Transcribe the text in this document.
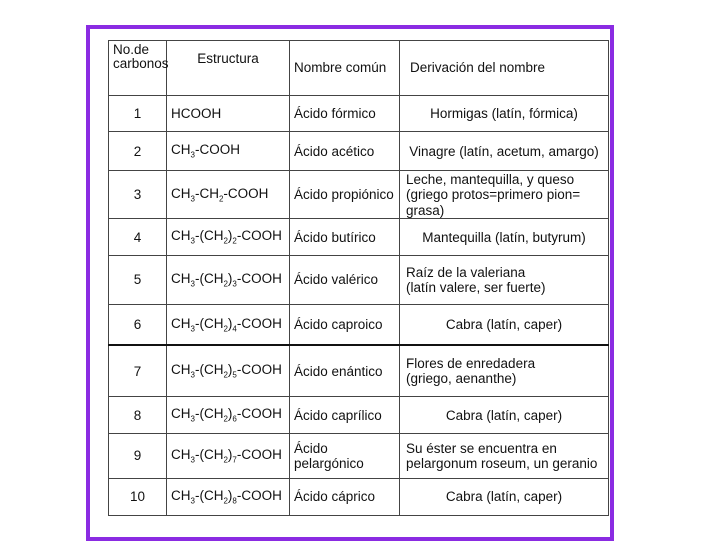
No.de carbonos	Estructura	Nombre común	Derivación del nombre
1	HCOOH	Ácido fórmico	Hormigas (latín, fórmica)

2	$CH_3$-COOH	Ácido acético	Vinagre (latín, acetum, amargo)

3	$CH_3-CH_2$-COOH	Ácido propiónico	Leche, mantequilla, y queso
(griego protos=primero pion= grasa)

4	$CH_3-(CH_2)_2$-COOH	Ácido butírico	Mantequilla (latín, butyrum)

5	$CH_3-(CH_2)_3$-COOH	Ácido valérico	Raíz de la valeriana
(latín valere, ser fuerte)

6	$CH_3-(CH_2)_4$-COOH	Ácido caproico	Cabra (latín, caper)

7	$CH_3-(CH_2)_5$-COOH	Ácido enántico	Flores de enredadera
(griego, aenanthe)

8	$CH_3-(CH_2)_6$-COOH	Ácido caprílico	Cabra (latín, caper)

9	$CH_3-(CH_2)_7$-COOH	Ácido pelargónico	Su éster se encuentra en
pelargonum roseum, un geranio

10	$CH_3-(CH_2)_8$-COOH	Ácido cáprico	Cabra (latín, caper)
